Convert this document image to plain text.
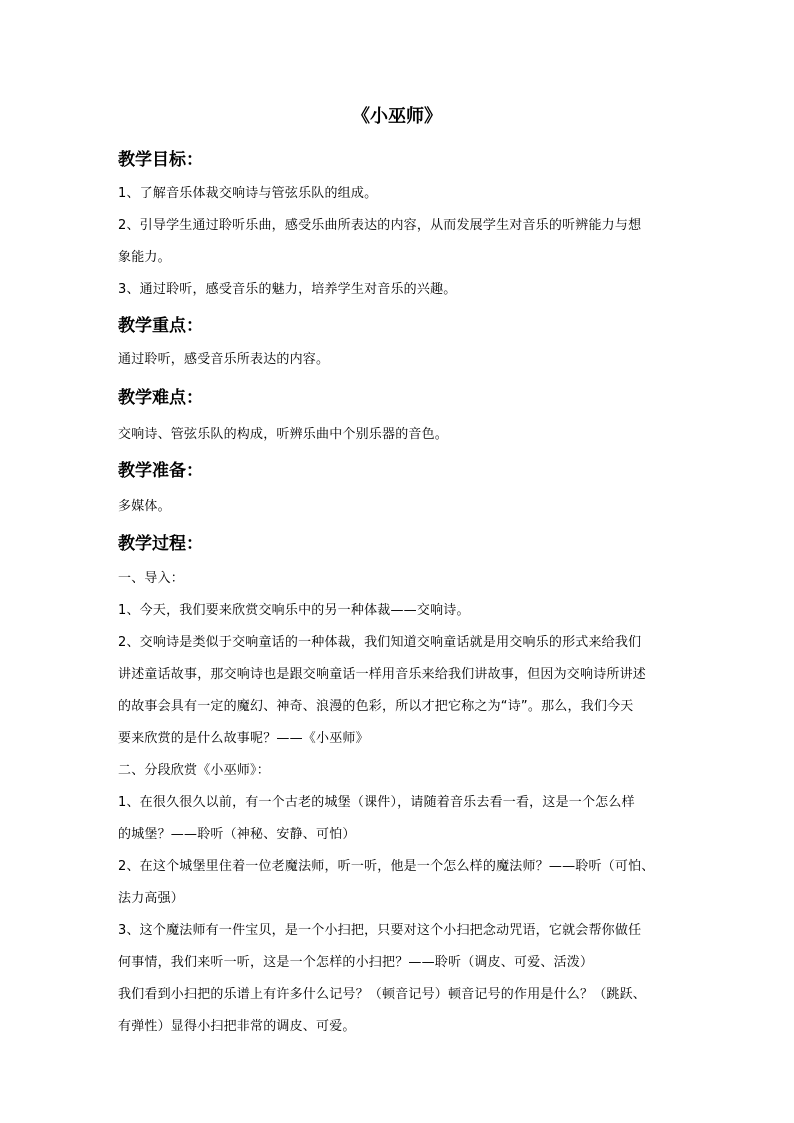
《小巫师》
教学目标：
1、了解音乐体裁交响诗与管弦乐队的组成。
2、引导学生通过聆听乐曲，感受乐曲所表达的内容，从而发展学生对音乐的听辨能力与想
象能力。
3、通过聆听，感受音乐的魅力，培养学生对音乐的兴趣。
教学重点：
通过聆听，感受音乐所表达的内容。
教学难点：
交响诗、管弦乐队的构成，听辨乐曲中个别乐器的音色。
教学准备：
多媒体。
教学过程：
一、导入：
1、今天，我们要来欣赏交响乐中的另一种体裁——交响诗。
2、交响诗是类似于交响童话的一种体裁，我们知道交响童话就是用交响乐的形式来给我们
讲述童话故事，那交响诗也是跟交响童话一样用音乐来给我们讲故事，但因为交响诗所讲述
的故事会具有一定的魔幻、神奇、浪漫的色彩，所以才把它称之为“诗”。那么，我们今天
要来欣赏的是什么故事呢？——《小巫师》
二、分段欣赏《小巫师》：
1、在很久很久以前，有一个古老的城堡（课件），请随着音乐去看一看，这是一个怎么样
的城堡？——聆听（神秘、安静、可怕）
2、在这个城堡里住着一位老魔法师，听一听，他是一个怎么样的魔法师？——聆听（可怕、
法力高强）
3、这个魔法师有一件宝贝，是一个小扫把，只要对这个小扫把念动咒语，它就会帮你做任
何事情，我们来听一听，这是一个怎样的小扫把？——聆听（调皮、可爱、活泼）
我们看到小扫把的乐谱上有许多什么记号？（顿音记号）顿音记号的作用是什么？（跳跃、
有弹性）显得小扫把非常的调皮、可爱。
